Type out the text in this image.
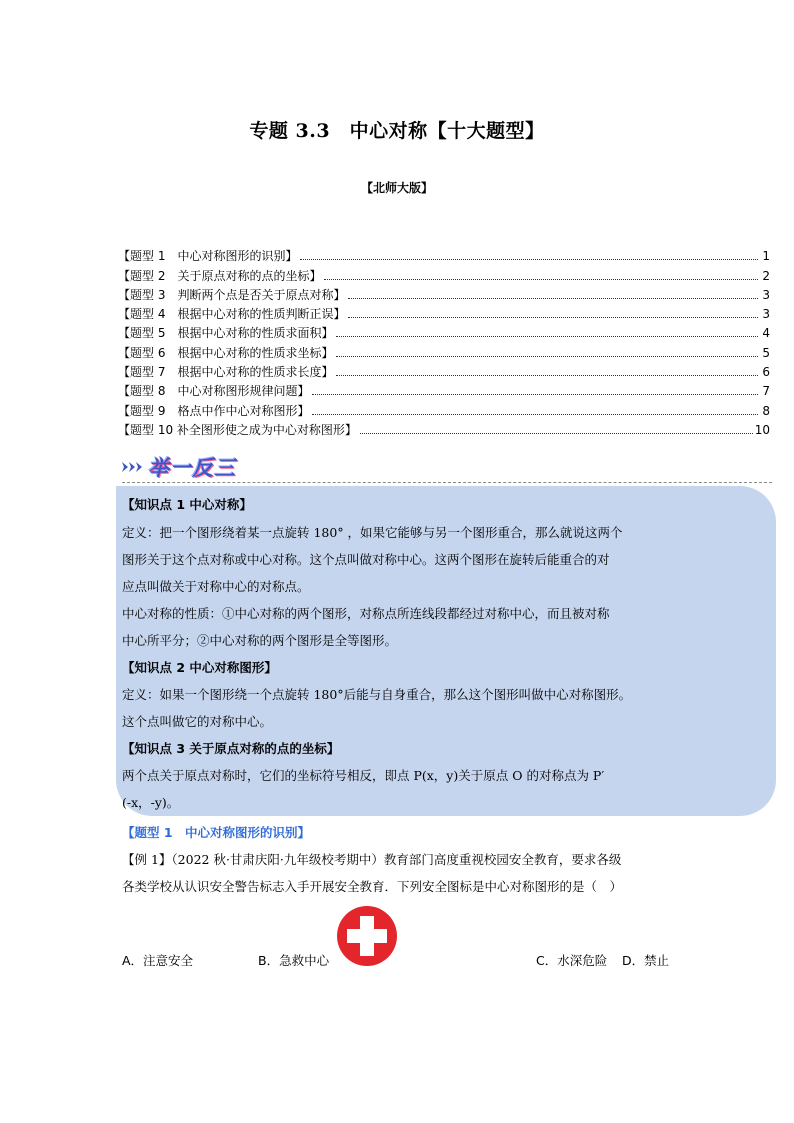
专题 3.3　中心对称【十大题型】
【北师大版】
【题型 1　中心对称图形的识别】	1
【题型 2　关于原点对称的点的坐标】	2
【题型 3　判断两个点是否关于原点对称】	3
【题型 4　根据中心对称的性质判断正误】	3
【题型 5　根据中心对称的性质求面积】	4
【题型 6　根据中心对称的性质求坐标】	5
【题型 7　根据中心对称的性质求长度】	6
【题型 8　中心对称图形规律问题】	7
【题型 9　格点中作中心对称图形】	8
【题型 10 补全图形使之成为中心对称图形】	10
举一反三
【知识点 1 中心对称】
定义：把一个图形绕着某一点旋转 180° ，如果它能够与另一个图形重合，那么就说这两个
图形关于这个点对称或中心对称。这个点叫做对称中心。这两个图形在旋转后能重合的对
应点叫做关于对称中心的对称点。
中心对称的性质：①中心对称的两个图形，对称点所连线段都经过对称中心，而且被对称
中心所平分；②中心对称的两个图形是全等图形。
【知识点 2 中心对称图形】
定义：如果一个图形绕一个点旋转 180°后能与自身重合，那么这个图形叫做中心对称图形。
这个点叫做它的对称中心。
【知识点 3 关于原点对称的点的坐标】
两个点关于原点对称时，它们的坐标符号相反，即点 P(x，y)关于原点 O 的对称点为 P′
(-x，-y)。
【题型 1　中心对称图形的识别】
【例 1】（2022 秋·甘肃庆阳·九年级校考期中）教育部门高度重视校园安全教育，要求各级
各类学校从认识安全警告标志入手开展安全教育．下列安全图标是中心对称图形的是（　）
A．注意安全	B．急救中心	C．水深危险 D．禁止
